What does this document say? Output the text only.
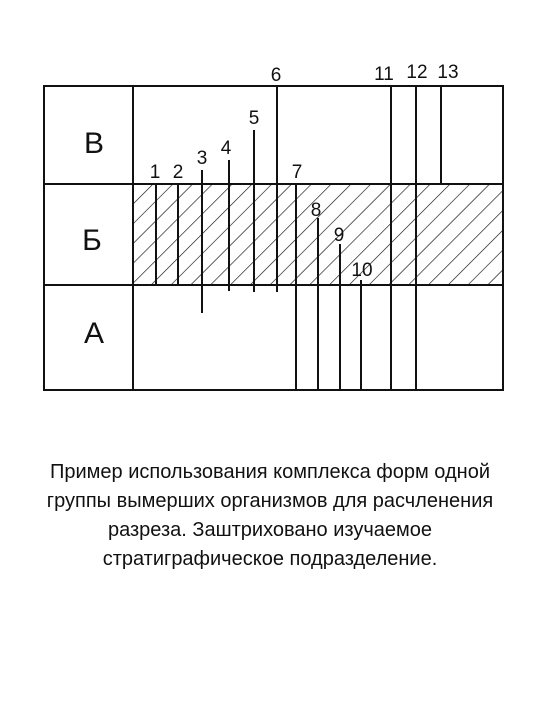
В
Б
А
1 2
3 4
5
6
7
8
9
10
11 12 13
Пример использования комплекса форм одной группы вымерших организмов для расчленения разреза. Заштриховано изучаемое стратиграфическое подразделение.
